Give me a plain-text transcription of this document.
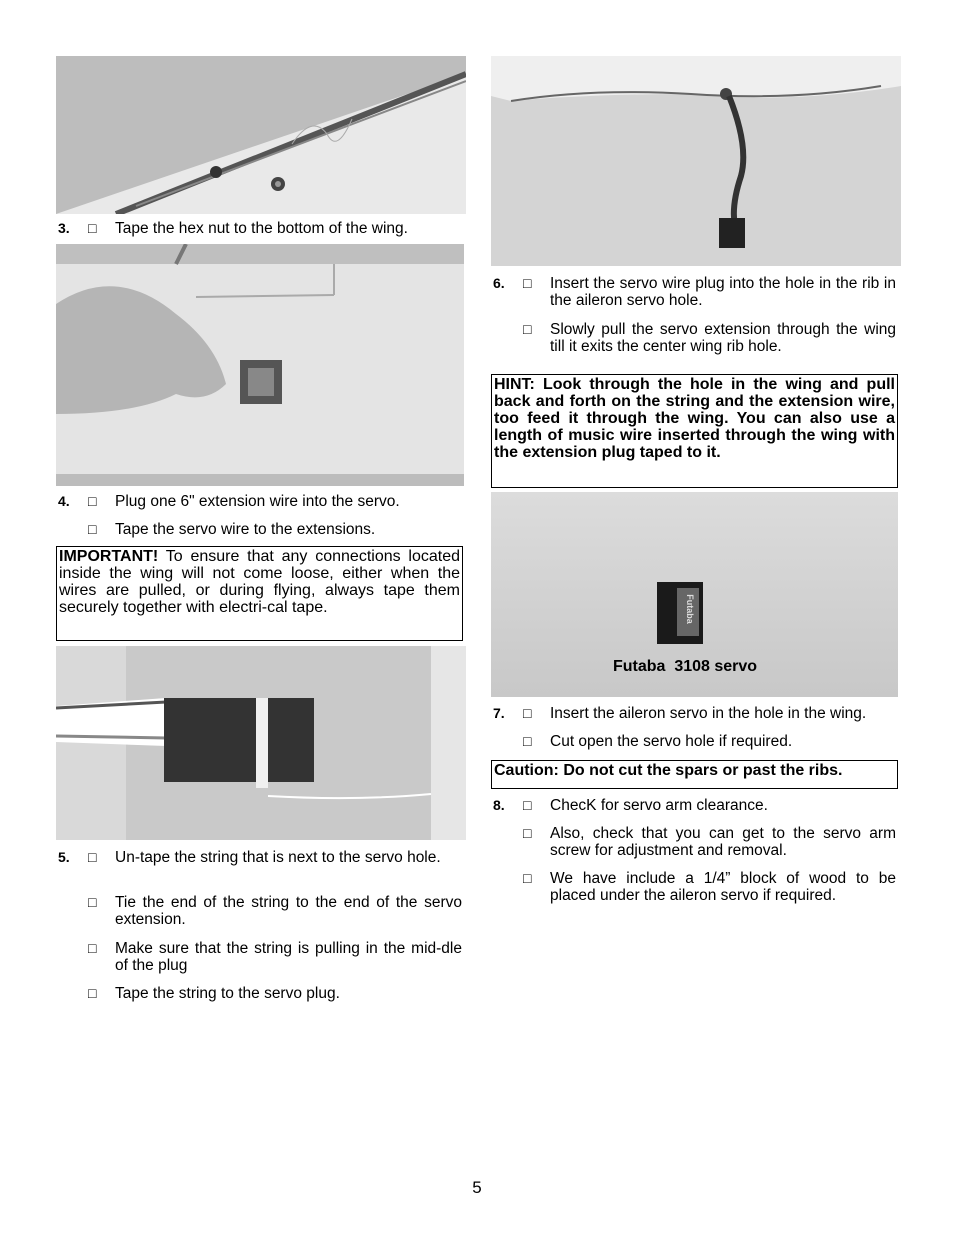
3. □ Tape the hex nut to the bottom of the wing.
4. □ Plug one 6" extension wire into the servo.
□ Tape the servo wire to the extensions.
IMPORTANT! To ensure that any connections located inside the wing will not come loose, either when the wires are pulled, or during flying, always tape them securely together with electri-cal tape.
5. □ Un-tape the string that is next to the servo hole.
□ Tie the end of the string to the end of the servo extension.
□ Make sure that the string is pulling in the mid-dle of the plug
□ Tape the string to the servo plug.
6. □ Insert the servo wire plug into the hole in the rib in the aileron servo hole.
□ Slowly pull the servo extension through the wing till it exits the center wing rib hole.
HINT: Look through the hole in the wing and pull back and forth on the string and the extension wire, too feed it through the wing. You can also use a length of music wire inserted through the wing with the extension plug taped to it.
Futaba
Futaba  3108 servo
7. □ Insert the aileron servo in the hole in the wing.
□ Cut open the servo hole if required.
Caution: Do not cut the spars or past the ribs.
8. □ ChecK for servo arm clearance.
□ Also, check that you can get to the servo arm screw for adjustment and removal.
□ We have include a 1/4” block of wood to be placed under the aileron servo if required.
5
